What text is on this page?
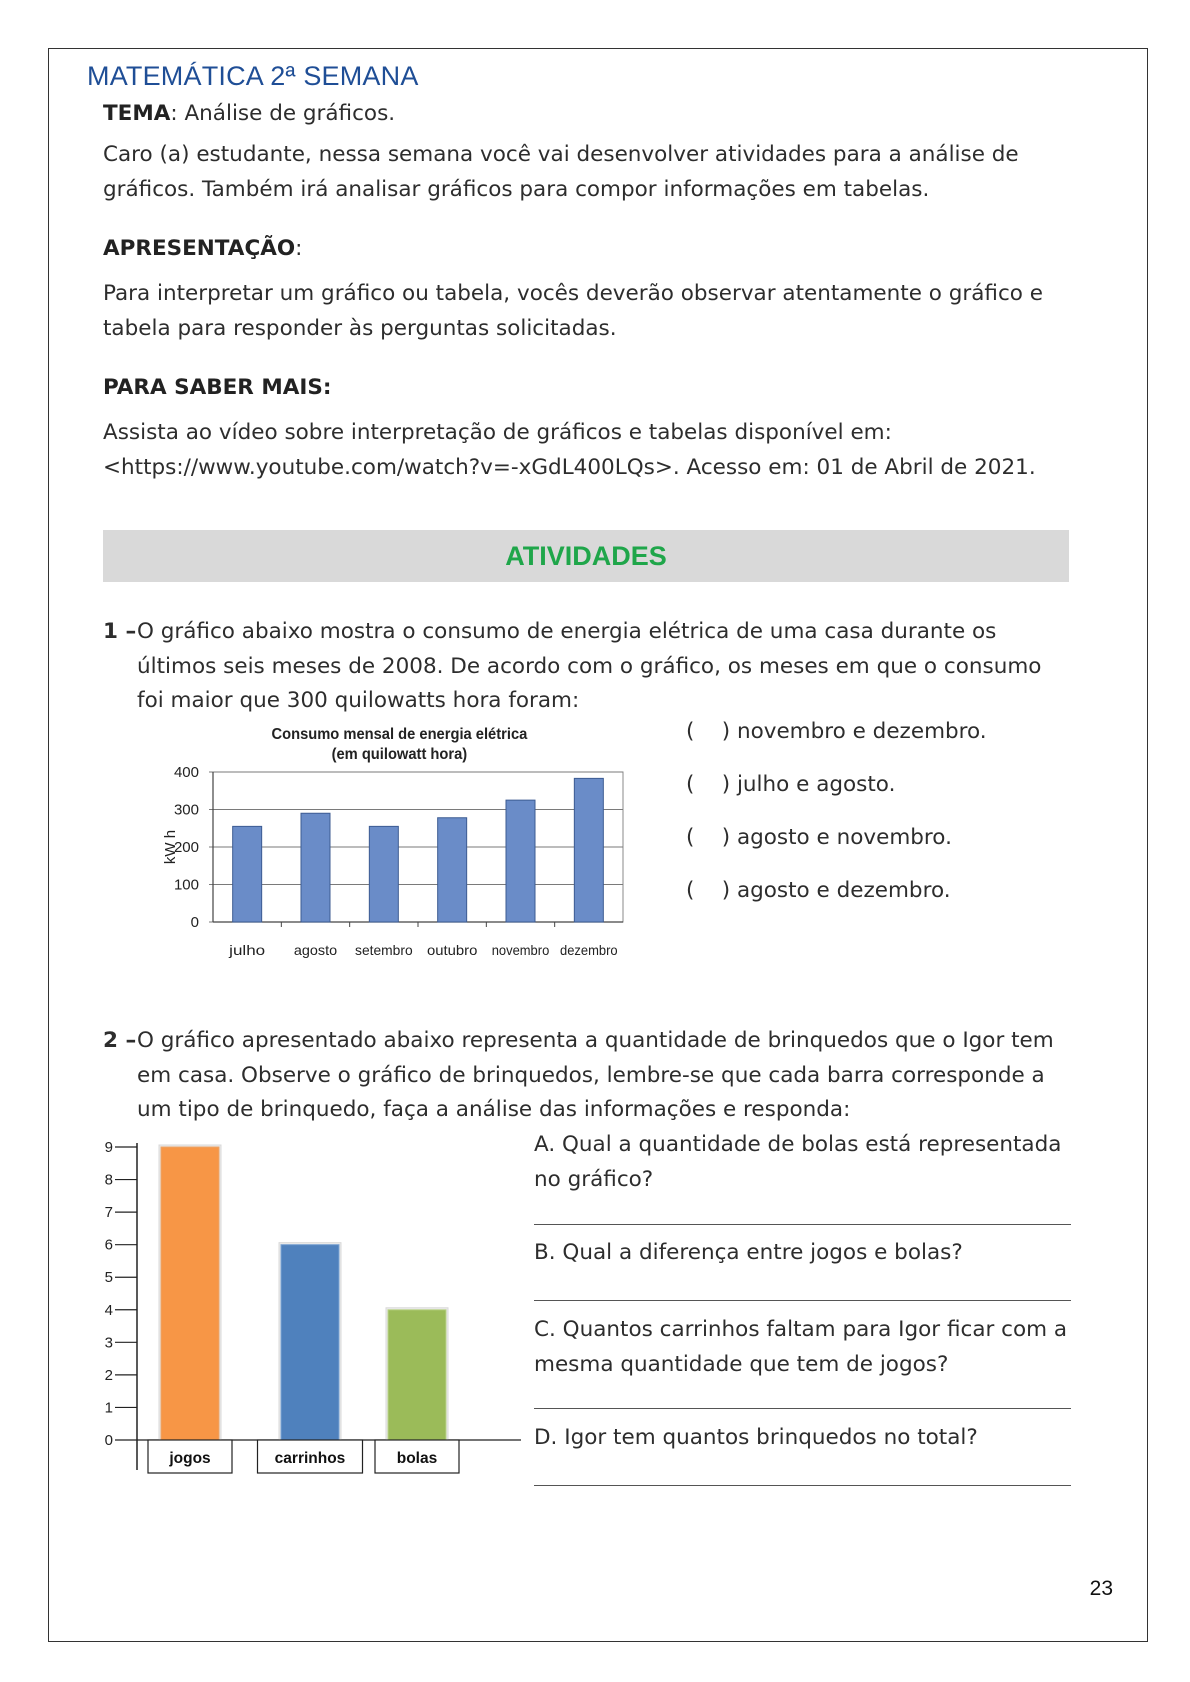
MATEMÁTICA 2ª SEMANA
TEMA: Análise de gráficos.
Caro (a) estudante, nessa semana você vai desenvolver atividades para a análise de gráficos. Também irá analisar gráficos para compor informações em tabelas.
APRESENTAÇÃO:
Para interpretar um gráfico ou tabela, vocês deverão observar atentamente o gráfico e tabela para responder às perguntas solicitadas.
PARA SABER MAIS:
Assista ao vídeo sobre interpretação de gráficos e tabelas disponível em: <https://www.youtube.com/watch?v=-xGdL400LQs>. Acesso em: 01 de Abril de 2021.
ATIVIDADES
1 – O gráfico abaixo mostra o consumo de energia elétrica de uma casa durante os últimos seis meses de 2008. De acordo com o gráfico, os meses em que o consumo foi maior que 300 quilowatts hora foram:
Consumo mensal de energia elétrica
(em quilowatt hora)
0
100
200
300
400
kW h
julho agosto setembro outubro novembro dezembro
(    ) novembro e dezembro.
(    ) julho e agosto.
(    ) agosto e novembro.
(    ) agosto e dezembro.
2 – O gráfico apresentado abaixo representa a quantidade de brinquedos que o Igor tem em casa. Observe o gráfico de brinquedos, lembre-se que cada barra corresponde a um tipo de brinquedo, faça a análise das informações e responda:
0
1
2
3
4
5
6
7
8
9
jogos	carrinhos	bolas
A. Qual a quantidade de bolas está representada no gráfico?
B. Qual a diferença entre jogos e bolas?
C. Quantos carrinhos faltam para Igor ficar com a mesma quantidade que tem de jogos?
D. Igor tem quantos brinquedos no total?
23
